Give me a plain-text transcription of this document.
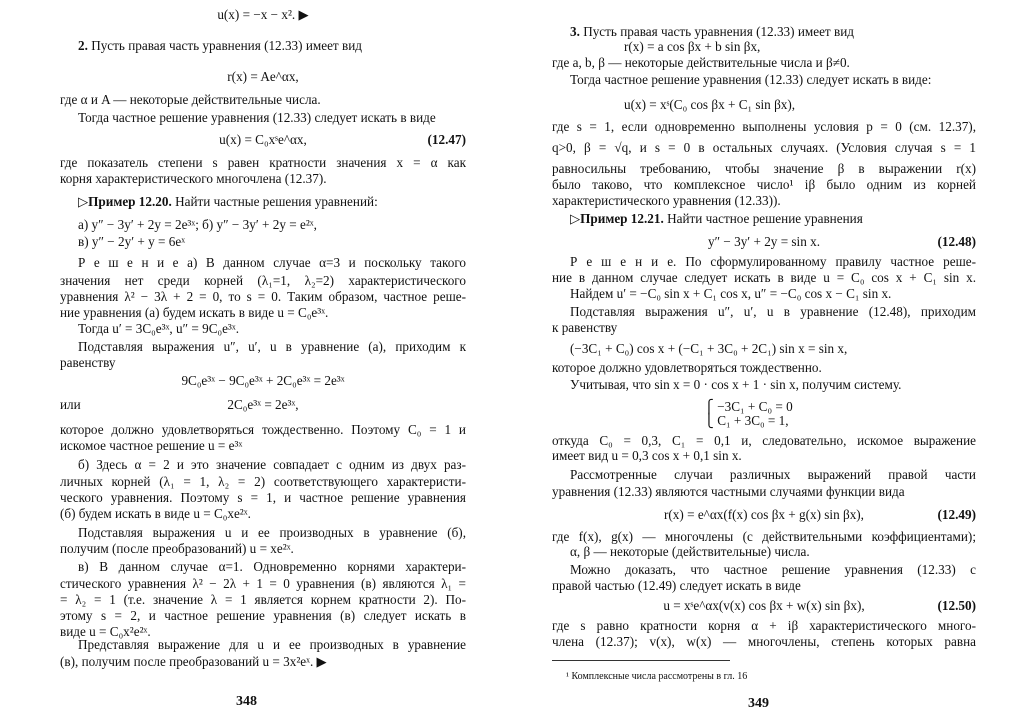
348
u(x) = −x − x². ▶
2. Пусть правая часть уравнения (12.33) имеет вид
r(x) = Ae^αx,
где α и A — некоторые действительные числа.
Тогда частное решение уравнения (12.33) следует искать в виде
u(x) = C₀xˢe^αx,	(12.47)
где показатель степени s равен кратности значения x = α как
корня характеристического многочлена (12.37).
▷Пример 12.20. Найти частные решения уравнений:
а) y″ − 3y′ + 2y = 2e³ˣ; б) y″ − 3y′ + 2y = e²ˣ,
в) y″ − 2y′ + y = 6eˣ
Р е ш е н и е а) В данном случае α=3 и поскольку такого
значения нет среди корней (λ₁=1, λ₂=2) характеристического
уравнения λ² − 3λ + 2 = 0, то s = 0. Таким образом, частное реше-
ние уравнения (а) будем искать в виде u = C₀e³ˣ.
Тогда u′ = 3C₀e³ˣ, u″ = 9C₀e³ˣ.
Подставляя выражения u″, u′, u в уравнение (а), приходим к
равенству
9C₀e³ˣ − 9C₀e³ˣ + 2C₀e³ˣ = 2e³ˣ
или	2C₀e³ˣ = 2e³ˣ,
которое должно удовлетворяться тождественно. Поэтому C₀ = 1 и
искомое частное решение u = e³ˣ
б) Здесь α = 2 и это значение совпадает с одним из двух раз-
личных корней (λ₁ = 1, λ₂ = 2) соответствующего характеристи-
ческого уравнения. Поэтому s = 1, и частное решение уравнения
(б) будем искать в виде u = C₀xe²ˣ.
Подставляя выражения u и ее производных в уравнение (б),
получим (после преобразований) u = xe²ˣ.
в) В данном случае α=1. Одновременно корнями характери-
стического уравнения λ² − 2λ + 1 = 0 уравнения (в) являются λ₁ =
= λ₂ = 1 (т.е. значение λ = 1 является корнем кратности 2). По-
этому s = 2, и частное решение уравнения (в) следует искать в
виде u = C₀x²e²ˣ.
Представляя выражение для u и ее производных в уравнение
(в), получим после преобразований u = 3x²eˣ. ▶
¹ Комплексные числа рассмотрены в гл. 16
349
3. Пусть правая часть уравнения (12.33) имеет вид
r(x) = a cos βx + b sin βx,
где a, b, β — некоторые действительные числа и β≠0.
Тогда частное решение уравнения (12.33) следует искать в виде:
u(x) = xˢ(C₀ cos βx + C₁ sin βx),
где s = 1, если одновременно выполнены условия p = 0 (см. 12.37),
q>0, β = √q, и s = 0 в остальных случаях. (Условия случая s = 1
равносильны требованию, чтобы значение β в выражении r(x)
было таково, что комплексное число¹ iβ было одним из корней
характеристического уравнения (12.33)).
▷Пример 12.21. Найти частное решение уравнения
y″ − 3y′ + 2y = sin x.	(12.48)
Р е ш е н и е. По сформулированному правилу частное реше-
ние в данном случае следует искать в виде u = C₀ cos x + C₁ sin x.
Найдем u′ = −C₀ sin x + C₁ cos x, u″ = −C₀ cos x − C₁ sin x.
Подставляя выражения u″, u′, u в уравнение (12.48), приходим
к равенству
(−3C₁ + C₀) cos x + (−C₁ + 3C₀ + 2C₁) sin x = sin x,
которое должно удовлетворяться тождественно.
Учитывая, что sin x = 0 · cos x + 1 · sin x, получим систему.
⎧ −3C₁ + C₀ = 0
⎩ C₁ + 3C₀ = 1,
откуда C₀ = 0,3, C₁ = 0,1 и, следовательно, искомое выражение
имеет вид u = 0,3 cos x + 0,1 sin x.
Рассмотренные случаи различных выражений правой части
уравнения (12.33) являются частными случаями функции вида
r(x) = e^αx(f(x) cos βx + g(x) sin βx),	(12.49)
где f(x), g(x) — многочлены (с действительными коэффициентами);
α, β — некоторые (действительные) числа.
Можно доказать, что частное решение уравнения (12.33) с
правой частью (12.49) следует искать в виде
u = xˢe^αx(v(x) cos βx + w(x) sin βx),	(12.50)
где s равно кратности корня α + iβ характеристического много-
члена (12.37); v(x), w(x) — многочлены, степень которых равна
